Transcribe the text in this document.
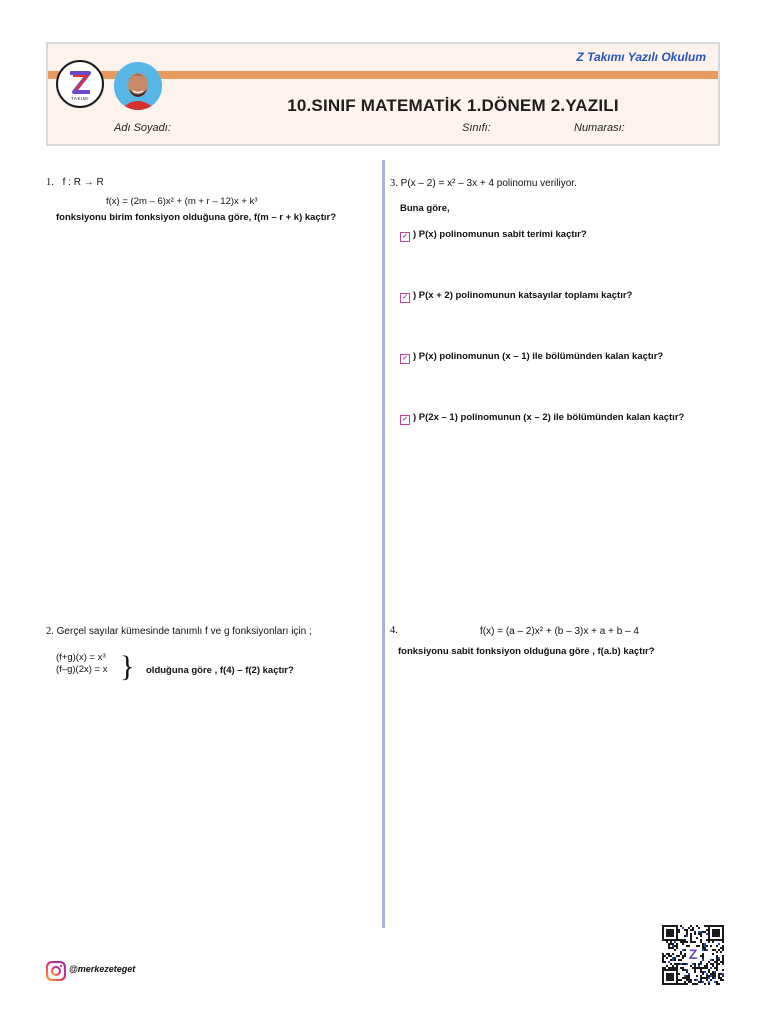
Z Takımı Yazılı Okulum
TAKIMI	10.SINIF MATEMATİK 1.DÖNEM 2.YAZILI
Adı Soyadı:	Sınıfı:	Numarası:
1. f : R → R
f(x) = (2m – 6)x² + (m + r – 12)x + k³
fonksiyonu birim fonksiyon olduğuna göre, f(m – r + k) kaçtır?
2. Gerçel sayılar kümesinde tanımlı f ve g fonksiyonları için ;
(f+g)(x) = x³
(f–g)(2x) = x } olduğuna göre , f(4) – f(2) kaçtır?
3. P(x – 2) = x² – 3x + 4 polinomu veriliyor.
Buna göre,
✓ ) P(x) polinomunun sabit terimi kaçtır?
✓ ) P(x + 2) polinomunun katsayılar toplamı kaçtır?
✓ ) P(x) polinomunun (x – 1) ile bölümünden kalan kaçtır?
✓ ) P(2x – 1) polinomunun (x – 2) ile bölümünden kalan kaçtır?
4.	f(x) = (a – 2)x² + (b – 3)x + a + b – 4
fonksiyonu sabit fonksiyon olduğuna göre , f(a.b) kaçtır?
@merkezeteget
Z
